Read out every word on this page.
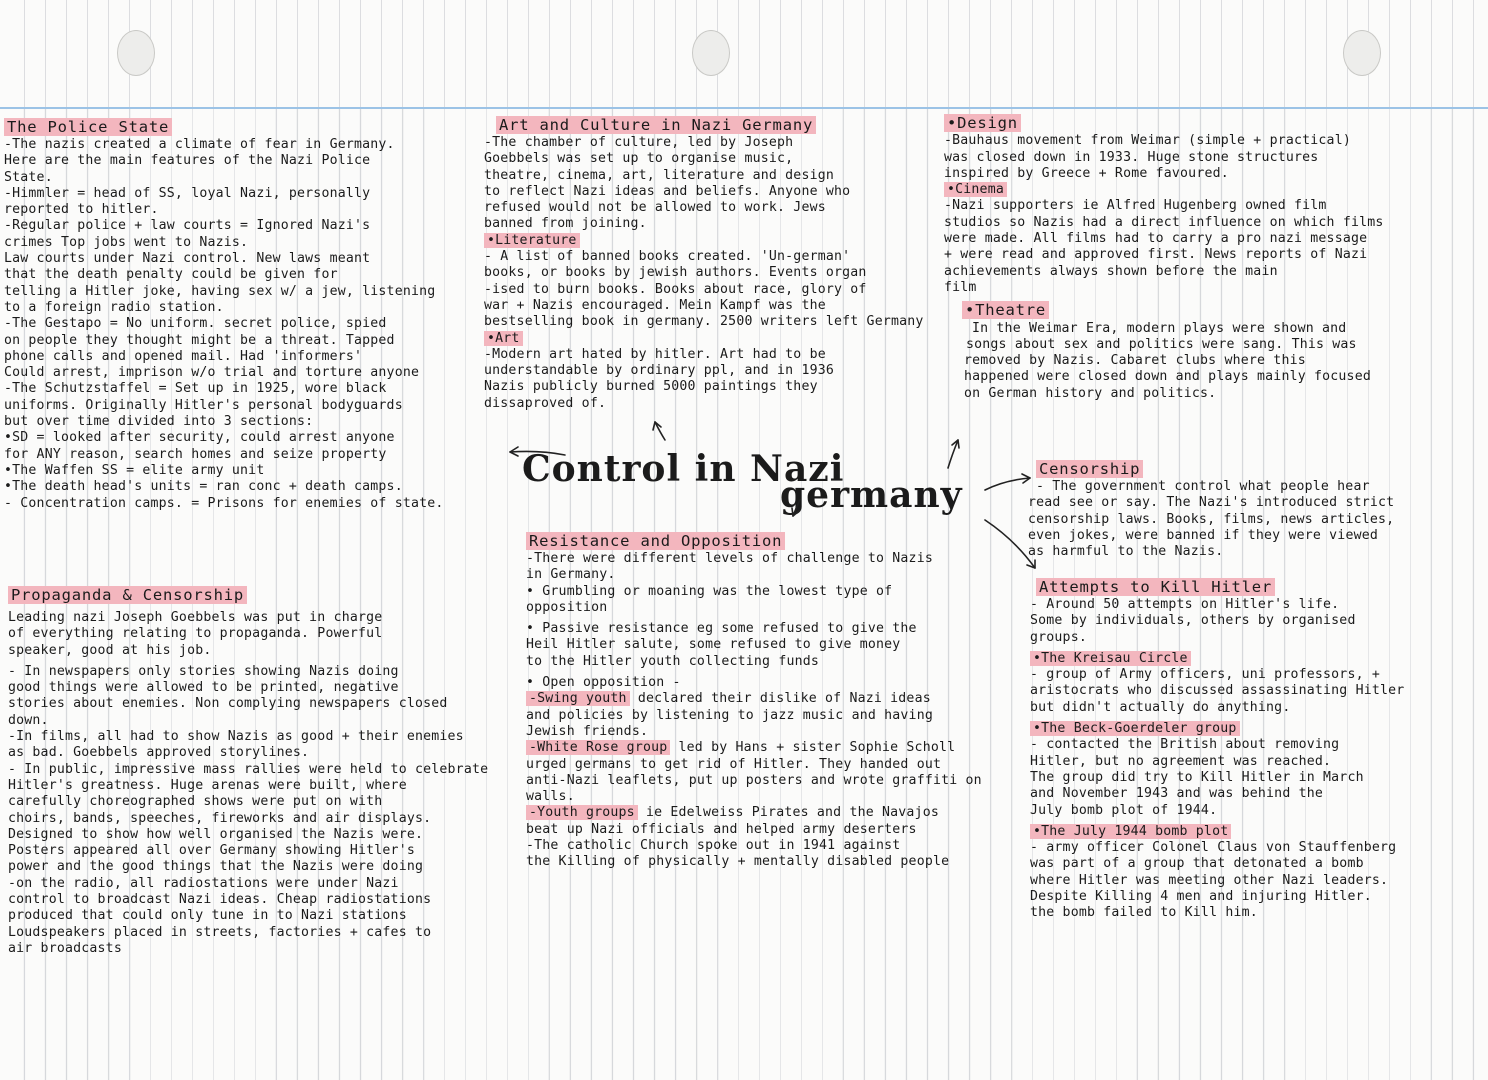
The Police State

-The nazis created a climate of fear in Germany.

Here are the main features of the Nazi Police

State.

-Himmler = head of SS, loyal Nazi, personally

reported to hitler.

-Regular police + law courts = Ignored Nazi's

crimes Top jobs went to Nazis.

Law courts under Nazi control. New laws meant

that the death penalty could be given for

telling a Hitler joke, having sex w/ a jew, listening

to a foreign radio station.

-The Gestapo = No uniform. secret police, spied

on people they thought might be a threat. Tapped

phone calls and opened mail. Had 'informers'

Could arrest, imprison w/o trial and torture anyone

-The Schutzstaffel = Set up in 1925, wore black

uniforms. Originally Hitler's personal bodyguards

but over time divided into 3 sections:

•SD = looked after security, could arrest anyone

for ANY reason, search homes and seize property

•The Waffen SS = elite army unit

•The death head's units = ran conc + death camps.

- Concentration camps. = Prisons for enemies of state.

Propaganda & Censorship

Leading nazi Joseph Goebbels was put in charge

of everything relating to propaganda. Powerful

speaker, good at his job.

- In newspapers only stories showing Nazis doing

good things were allowed to be printed, negative

stories about enemies. Non complying newspapers closed

down.

-In films, all had to show Nazis as good + their enemies

as bad. Goebbels approved storylines.

- In public, impressive mass rallies were held to celebrate

Hitler's greatness. Huge arenas were built, where

carefully choreographed shows were put on with

choirs, bands, speeches, fireworks and air displays.

Designed to show how well organised the Nazis were.

Posters appeared all over Germany showing Hitler's

power and the good things that the Nazis were doing

-on the radio, all radiostations were under Nazi

control to broadcast Nazi ideas. Cheap radiostations

produced that could only tune in to Nazi stations

Loudspeakers placed in streets, factories + cafes to

air broadcasts

Art and Culture in Nazi Germany

-The chamber of culture, led by Joseph

Goebbels was set up to organise music,

theatre, cinema, art, literature and design

to reflect Nazi ideas and beliefs. Anyone who

refused would not be allowed to work. Jews

banned from joining.

•Literature

- A list of banned books created. 'Un-german'

books, or books by jewish authors. Events organ

-ised to burn books. Books about race, glory of

war + Nazis encouraged. Mein Kampf was the

bestselling book in germany. 2500 writers left Germany

•Art

-Modern art hated by hitler. Art had to be

understandable by ordinary ppl, and in 1936

Nazis publicly burned 5000 paintings they

dissaproved of.

•Design

-Bauhaus movement from Weimar (simple + practical)

was closed down in 1933. Huge stone structures

inspired by Greece + Rome favoured.

•Cinema

-Nazi supporters ie Alfred Hugenberg owned film

studios so Nazis had a direct influence on which films

were made. All films had to carry a pro nazi message

+ were read and approved first. News reports of Nazi

achievements always shown before the main

film

•Theatre

In the Weimar Era, modern plays were shown and

songs about sex and politics were sang. This was

removed by Nazis. Cabaret clubs where this

happened were closed down and plays mainly focused

on German history and politics.

Control in Nazi
germany

Resistance and Opposition

-There were different levels of challenge to Nazis

in Germany.

• Grumbling or moaning was the lowest type of

opposition

• Passive resistance eg some refused to give the

Heil Hitler salute, some refused to give money

to the Hitler youth collecting funds

• Open opposition -

-Swing youth declared their dislike of Nazi ideas

and policies by listening to jazz music and having

Jewish friends.

-White Rose group led by Hans + sister Sophie Scholl

urged germans to get rid of Hitler. They handed out

anti-Nazi leaflets, put up posters and wrote graffiti on

walls.

-Youth groups ie Edelweiss Pirates and the Navajos

beat up Nazi officials and helped army deserters

-The catholic Church spoke out in 1941 against

the Killing of physically + mentally disabled people

Censorship

- The government control what people hear

read see or say. The Nazi's introduced strict

censorship laws. Books, films, news articles,

even jokes, were banned if they were viewed

as harmful to the Nazis.

Attempts to Kill Hitler

- Around 50 attempts on Hitler's life.

Some by individuals, others by organised

groups.

•The Kreisau Circle

- group of Army officers, uni professors, +

aristocrats who discussed assassinating Hitler

but didn't actually do anything.

•The Beck-Goerdeler group

- contacted the British about removing

Hitler, but no agreement was reached.

The group did try to Kill Hitler in March

and November 1943 and was behind the

July bomb plot of 1944.

•The July 1944 bomb plot

- army officer Colonel Claus von Stauffenberg

was part of a group that detonated a bomb

where Hitler was meeting other Nazi leaders.

Despite Killing 4 men and injuring Hitler.

the bomb failed to Kill him.
